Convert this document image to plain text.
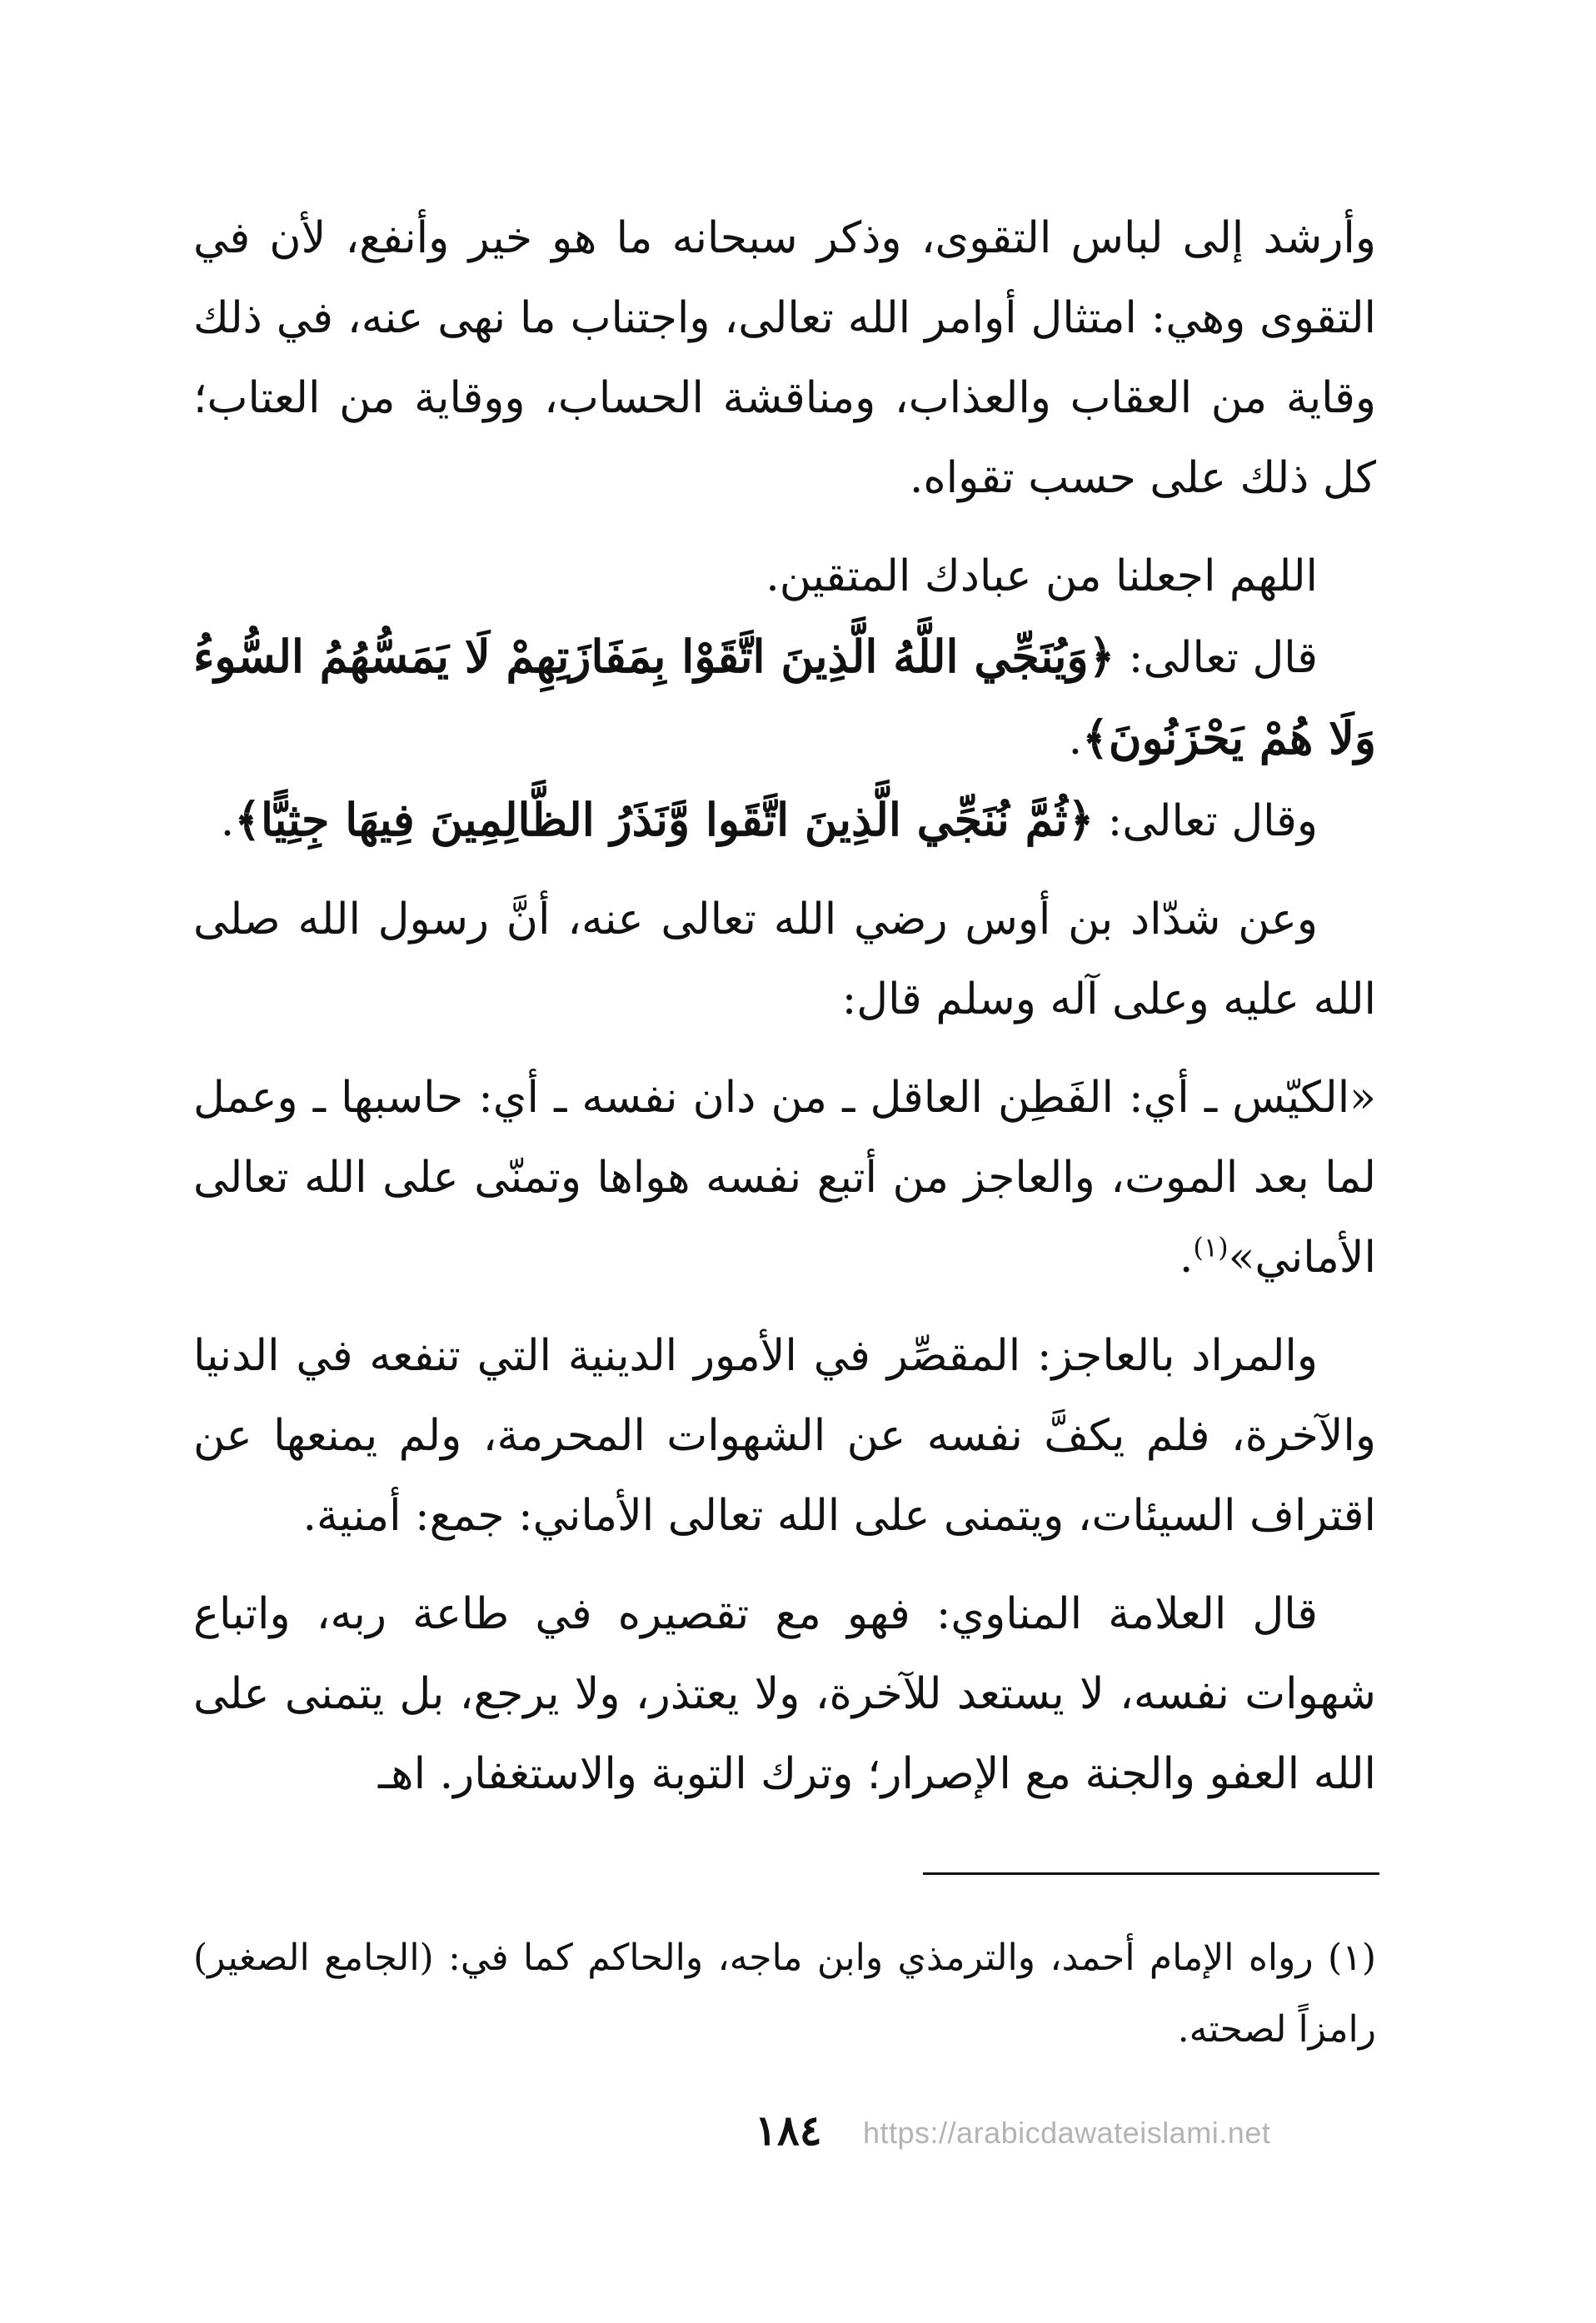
وأرشد إلى لباس التقوى، وذكر سبحانه ما هو خير وأنفع، لأن في التقوى وهي: امتثال أوامر الله تعالى، واجتناب ما نهى عنه، في ذلك وقاية من العقاب والعذاب، ومناقشة الحساب، ووقاية من العتاب؛ كل ذلك على حسب تقواه.

اللهم اجعلنا من عبادك المتقين.

قال تعالى: ﴿وَيُنَجِّي اللَّهُ الَّذِينَ اتَّقَوْا بِمَفَازَتِهِمْ لَا يَمَسُّهُمُ السُّوءُ وَلَا هُمْ يَحْزَنُونَ﴾.

وقال تعالى: ﴿ثُمَّ نُنَجِّي الَّذِينَ اتَّقَوا وَّنَذَرُ الظَّالِمِينَ فِيهَا جِثِيًّا﴾.

وعن شدّاد بن أوس رضي الله تعالى عنه، أنَّ رسول الله صلى الله عليه وعلى آله وسلم قال:

«الكيّس ـ أي: الفَطِن العاقل ـ من دان نفسه ـ أي: حاسبها ـ وعمل لما بعد الموت، والعاجز من أتبع نفسه هواها وتمنّى على الله تعالى الأماني»$^{(١)}$.

والمراد بالعاجز: المقصِّر في الأمور الدينية التي تنفعه في الدنيا والآخرة، فلم يكفَّ نفسه عن الشهوات المحرمة، ولم يمنعها عن اقتراف السيئات، ويتمنى على الله تعالى الأماني: جمع: أمنية.

قال العلامة المناوي: فهو مع تقصيره في طاعة ربه، واتباع شهوات نفسه، لا يستعد للآخرة، ولا يعتذر، ولا يرجع، بل يتمنى على الله العفو والجنة مع الإصرار؛ وترك التوبة والاستغفار. اهـ

(١) رواه الإمام أحمد، والترمذي وابن ماجه، والحاكم كما في: (الجامع الصغير) رامزاً لصحته.

١٨٤ https://arabicdawateislami.net
